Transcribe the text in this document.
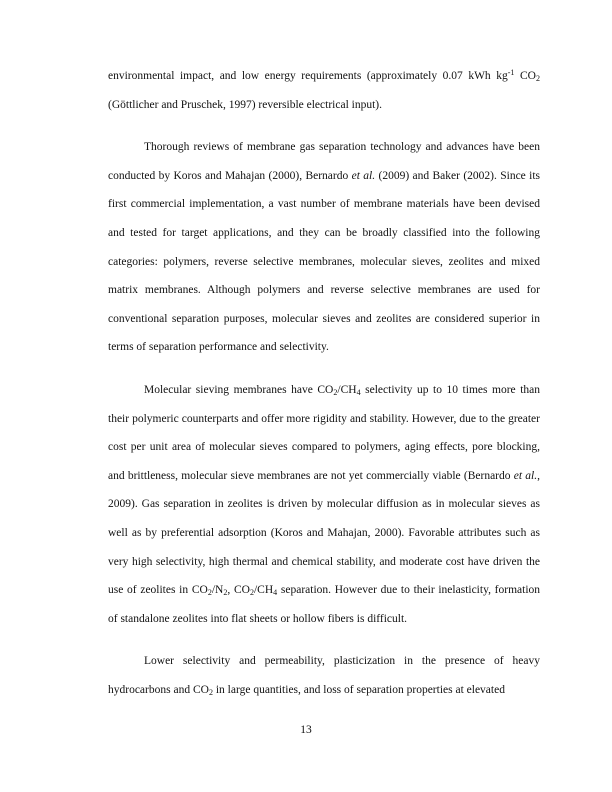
environmental impact, and low energy requirements (approximately 0.07 kWh $kg^{-1}$ $CO_2$ (Göttlicher and Pruschek, 1997) reversible electrical input).

Thorough reviews of membrane gas separation technology and advances have been conducted by Koros and Mahajan (2000), Bernardo et al. (2009) and Baker (2002). Since its first commercial implementation, a vast number of membrane materials have been devised and tested for target applications, and they can be broadly classified into the following categories: polymers, reverse selective membranes, molecular sieves, zeolites and mixed matrix membranes. Although polymers and reverse selective membranes are used for conventional separation purposes, molecular sieves and zeolites are considered superior in terms of separation performance and selectivity.

Molecular sieving membranes have $CO_2/CH_4$ selectivity up to 10 times more than their polymeric counterparts and offer more rigidity and stability. However, due to the greater cost per unit area of molecular sieves compared to polymers, aging effects, pore blocking, and brittleness, molecular sieve membranes are not yet commercially viable (Bernardo et al., 2009). Gas separation in zeolites is driven by molecular diffusion as in molecular sieves as well as by preferential adsorption (Koros and Mahajan, 2000). Favorable attributes such as very high selectivity, high thermal and chemical stability, and moderate cost have driven the use of zeolites in $CO_2/N_2$, $CO_2/CH_4$ separation. However due to their inelasticity, formation of standalone zeolites into flat sheets or hollow fibers is difficult.

Lower selectivity and permeability, plasticization in the presence of heavy hydrocarbons and $CO_2$ in large quantities, and loss of separation properties at elevated

13
